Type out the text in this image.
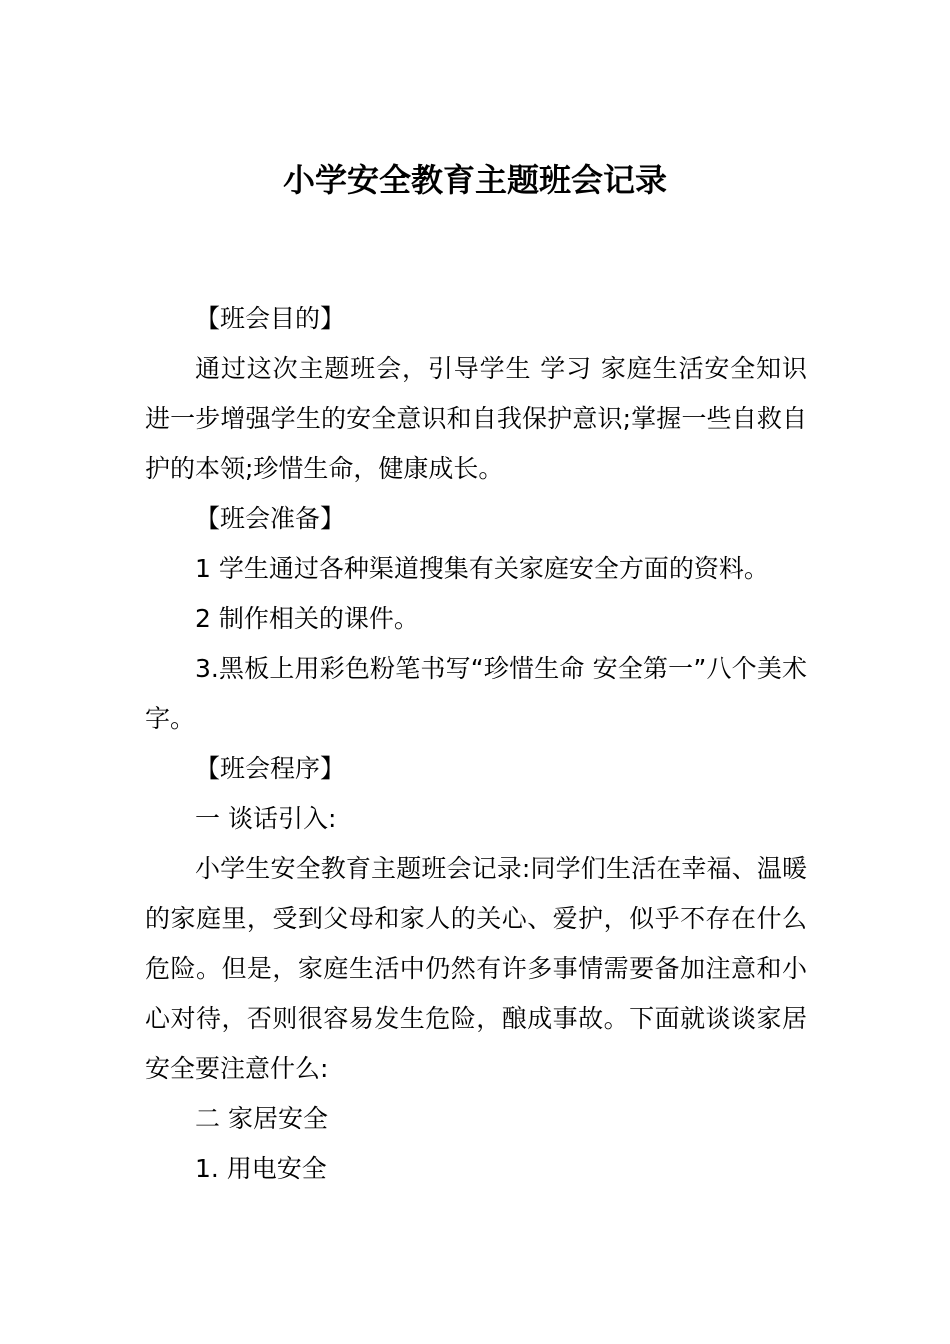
小学安全教育主题班会记录

【班会目的】

通过这次主题班会，引导学生 学习 家庭生活安全知识进一步增强学生的安全意识和自我保护意识;掌握一些自救自护的本领;珍惜生命，健康成长。

【班会准备】

1 学生通过各种渠道搜集有关家庭安全方面的资料。

2 制作相关的课件。

3.黑板上用彩色粉笔书写“珍惜生命 安全第一”八个美术字。

【班会程序】

一 谈话引入:

小学生安全教育主题班会记录:同学们生活在幸福、温暖的家庭里，受到父母和家人的关心、爱护，似乎不存在什么危险。但是，家庭生活中仍然有许多事情需要备加注意和小心对待，否则很容易发生危险，酿成事故。下面就谈谈家居安全要注意什么:

二 家居安全

1. 用电安全
